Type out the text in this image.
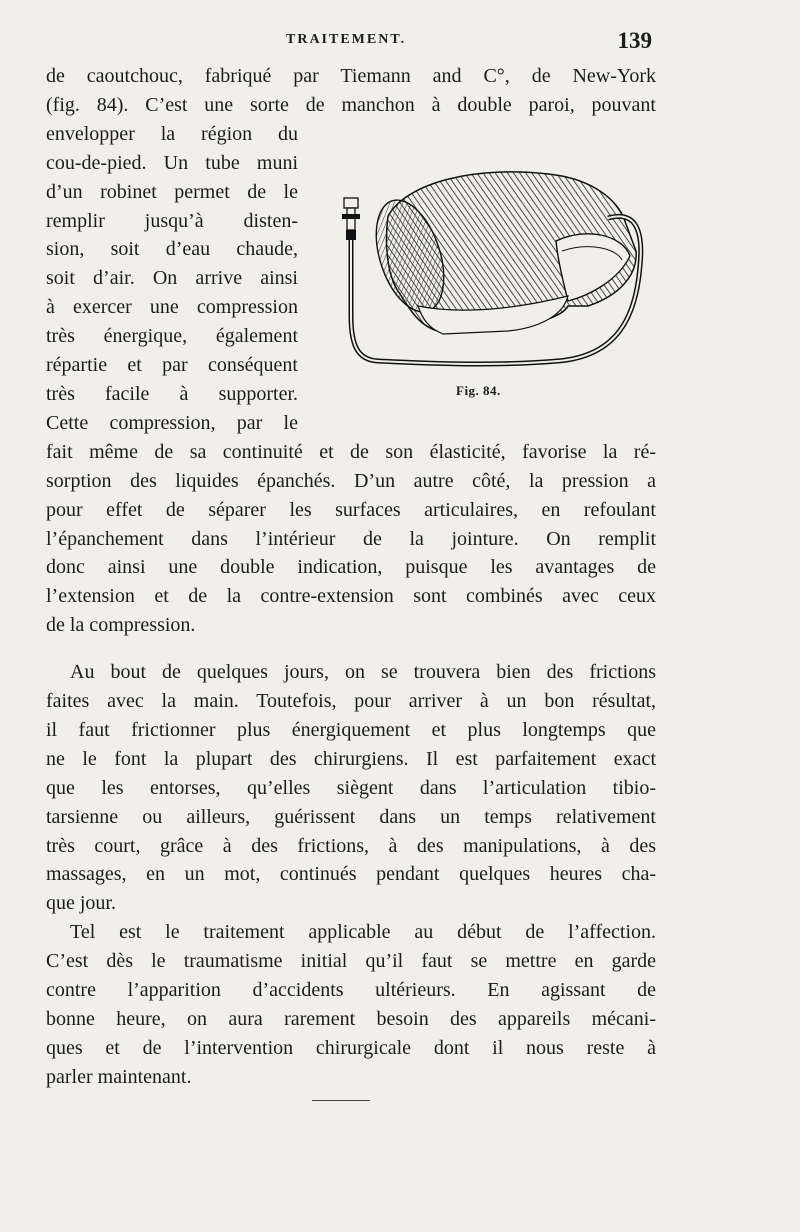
TRAITEMENT.	139

de caoutchouc, fabriqué par Tiemann and C°, de New-York
(fig. 84). C’est une sorte de manchon à double paroi, pouvant
envelopper la région du
cou-de-pied. Un tube muni
d’un robinet permet de le
remplir jusqu’à disten-
sion, soit d’eau chaude,
soit d’air. On arrive ainsi
à exercer une compression
très énergique, également
répartie et par conséquent
très facile à supporter.
Cette compression, par le
fait même de sa continuité et de son élasticité, favorise la ré-
sorption des liquides épanchés. D’un autre côté, la pression a
pour effet de séparer les surfaces articulaires, en refoulant
l’épanchement dans l’intérieur de la jointure. On remplit
donc ainsi une double indication, puisque les avantages de
l’extension et de la contre-extension sont combinés avec ceux
de la compression.

Au bout de quelques jours, on se trouvera bien des frictions
faites avec la main. Toutefois, pour arriver à un bon résultat,
il faut frictionner plus énergiquement et plus longtemps que
ne le font la plupart des chirurgiens. Il est parfaitement exact
que les entorses, qu’elles siègent dans l’articulation tibio-
tarsienne ou ailleurs, guérissent dans un temps relativement
très court, grâce à des frictions, à des manipulations, à des
massages, en un mot, continués pendant quelques heures cha-
que jour.

Tel est le traitement applicable au début de l’affection.
C’est dès le traumatisme initial qu’il faut se mettre en garde
contre l’apparition d’accidents ultérieurs. En agissant de
bonne heure, on aura rarement besoin des appareils mécani-
ques et de l’intervention chirurgicale dont il nous reste à
parler maintenant.

Fig. 84.
